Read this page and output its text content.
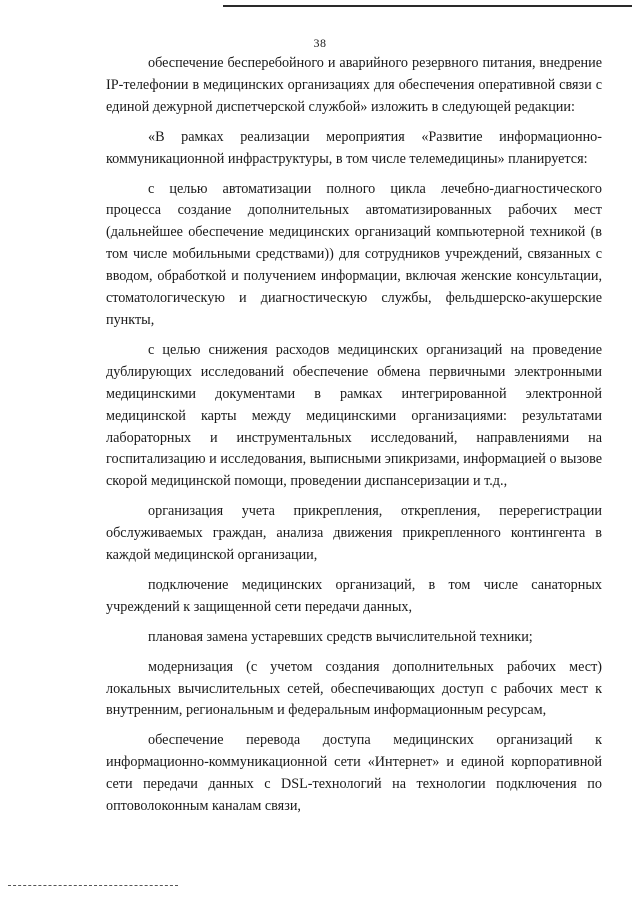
38

обеспечение бесперебойного и аварийного резервного питания, внедрение IP-телефонии в медицинских организациях для обеспечения оперативной связи с единой дежурной диспетчерской службой» изложить в следующей редакции:

«В рамках реализации мероприятия «Развитие информационно-коммуникационной инфраструктуры, в том числе телемедицины» планируется:

с целью автоматизации полного цикла лечебно-диагностического процесса создание дополнительных автоматизированных рабочих мест (дальнейшее обеспечение медицинских организаций компьютерной техникой (в том числе мобильными средствами)) для сотрудников учреждений, связанных с вводом, обработкой и получением информации, включая женские консультации, стоматологическую и диагностическую службы, фельдшерско-акушерские пункты,

с целью снижения расходов медицинских организаций на проведение дублирующих исследований обеспечение обмена первичными электронными медицинскими документами в рамках интегрированной электронной медицинской карты между медицинскими организациями: результатами лабораторных и инструментальных исследований, направлениями на госпитализацию и исследования, выписными эпикризами, информацией о вызове скорой медицинской помощи, проведении диспансеризации и т.д.,

организация учета прикрепления, открепления, перерегистрации обслуживаемых граждан, анализа движения прикрепленного контингента в каждой медицинской организации,

подключение медицинских организаций, в том числе санаторных учреждений к защищенной сети передачи данных,

плановая замена устаревших средств вычислительной техники;

модернизация (с учетом создания дополнительных рабочих мест) локальных вычислительных сетей, обеспечивающих доступ с рабочих мест к внутренним, региональным и федеральным информационным ресурсам,

обеспечение перевода доступа медицинских организаций к информационно-коммуникационной сети «Интернет» и единой корпоративной сети передачи данных с DSL-технологий на технологии подключения по оптоволоконным каналам связи,
